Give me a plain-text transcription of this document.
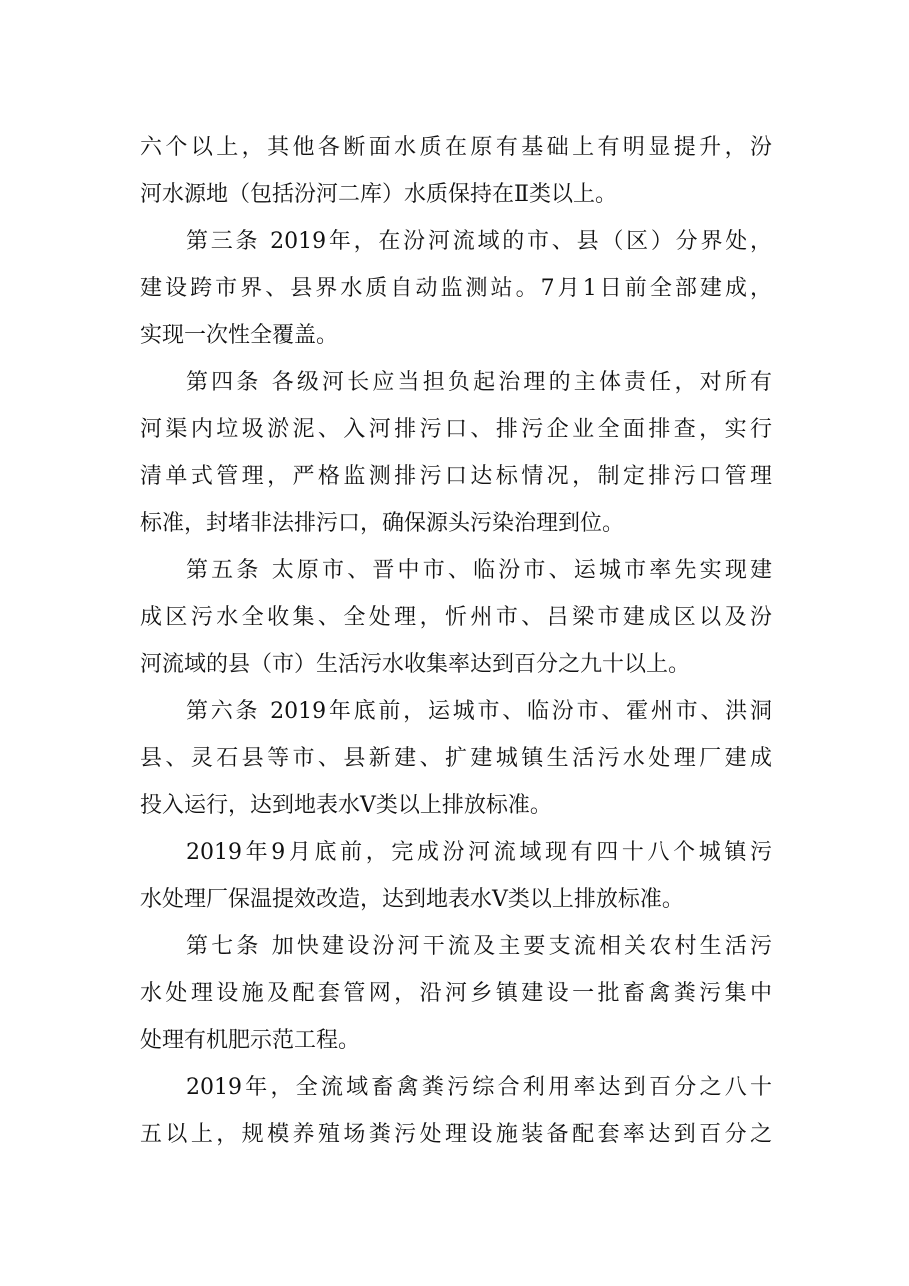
六个以上，其他各断面水质在原有基础上有明显提升，汾
河水源地（包括汾河二库）水质保持在Ⅱ类以上。
第三条 2019年，在汾河流域的市、县（区）分界处，
建设跨市界、县界水质自动监测站。7月1日前全部建成，
实现一次性全覆盖。
第四条 各级河长应当担负起治理的主体责任，对所有
河渠内垃圾淤泥、入河排污口、排污企业全面排查，实行
清单式管理，严格监测排污口达标情况，制定排污口管理
标准，封堵非法排污口，确保源头污染治理到位。
第五条 太原市、晋中市、临汾市、运城市率先实现建
成区污水全收集、全处理，忻州市、吕梁市建成区以及汾
河流域的县（市）生活污水收集率达到百分之九十以上。
第六条 2019年底前，运城市、临汾市、霍州市、洪洞
县、灵石县等市、县新建、扩建城镇生活污水处理厂建成
投入运行，达到地表水Ⅴ类以上排放标准。
2019年9月底前，完成汾河流域现有四十八个城镇污
水处理厂保温提效改造，达到地表水Ⅴ类以上排放标准。
第七条 加快建设汾河干流及主要支流相关农村生活污
水处理设施及配套管网，沿河乡镇建设一批畜禽粪污集中
处理有机肥示范工程。
2019年，全流域畜禽粪污综合利用率达到百分之八十
五以上，规模养殖场粪污处理设施装备配套率达到百分之
